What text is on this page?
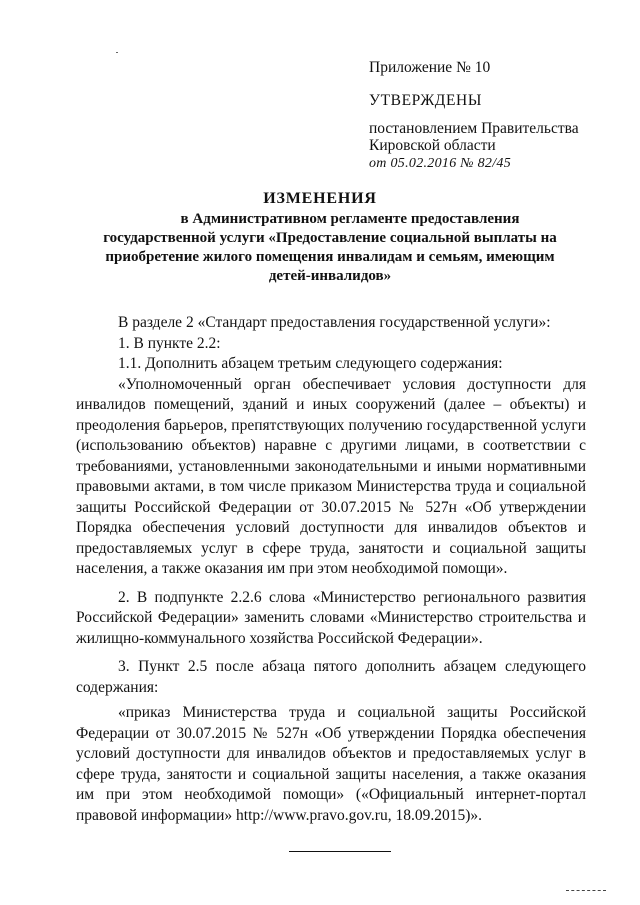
Приложение № 10
УТВЕРЖДЕНЫ
постановлением Правительства
Кировской области
от 05.02.2016 № 82/45
ИЗМЕНЕНИЯ
в Административном регламенте предоставления
государственной услуги «Предоставление социальной выплаты на
приобретение жилого помещения инвалидам и семьям, имеющим
детей-инвалидов»

В разделе 2 «Стандарт предоставления государственной услуги»:

1. В пункте 2.2:

1.1. Дополнить абзацем третьим следующего содержания:

«Уполномоченный орган обеспечивает условия доступности для инвалидов помещений, зданий и иных сооружений (далее – объекты) и преодоления барьеров, препятствующих получению государственной услуги (использованию объектов) наравне с другими лицами, в соответствии с требованиями, установленными законодательными и иными нормативными правовыми актами, в том числе приказом Министерства труда и социальной защиты Российской Федерации от 30.07.2015 № 527н «Об утверждении Порядка обеспечения условий доступности для инвалидов объектов и предоставляемых услуг в сфере труда, занятости и социальной защиты населения, а также оказания им при этом необходимой помощи».

2. В подпункте 2.2.6 слова «Министерство регионального развития Российской Федерации» заменить словами «Министерство строительства и жилищно-коммунального хозяйства Российской Федерации».

3. Пункт 2.5 после абзаца пятого дополнить абзацем следующего содержания:

«приказ Министерства труда и социальной защиты Российской Федерации от 30.07.2015 № 527н «Об утверждении Порядка обеспечения условий доступности для инвалидов объектов и предоставляемых услуг в сфере труда, занятости и социальной защиты населения, а также оказания им при этом необходимой помощи» («Официальный интернет-портал правовой информации» http://www.pravo.gov.ru, 18.09.2015)».
